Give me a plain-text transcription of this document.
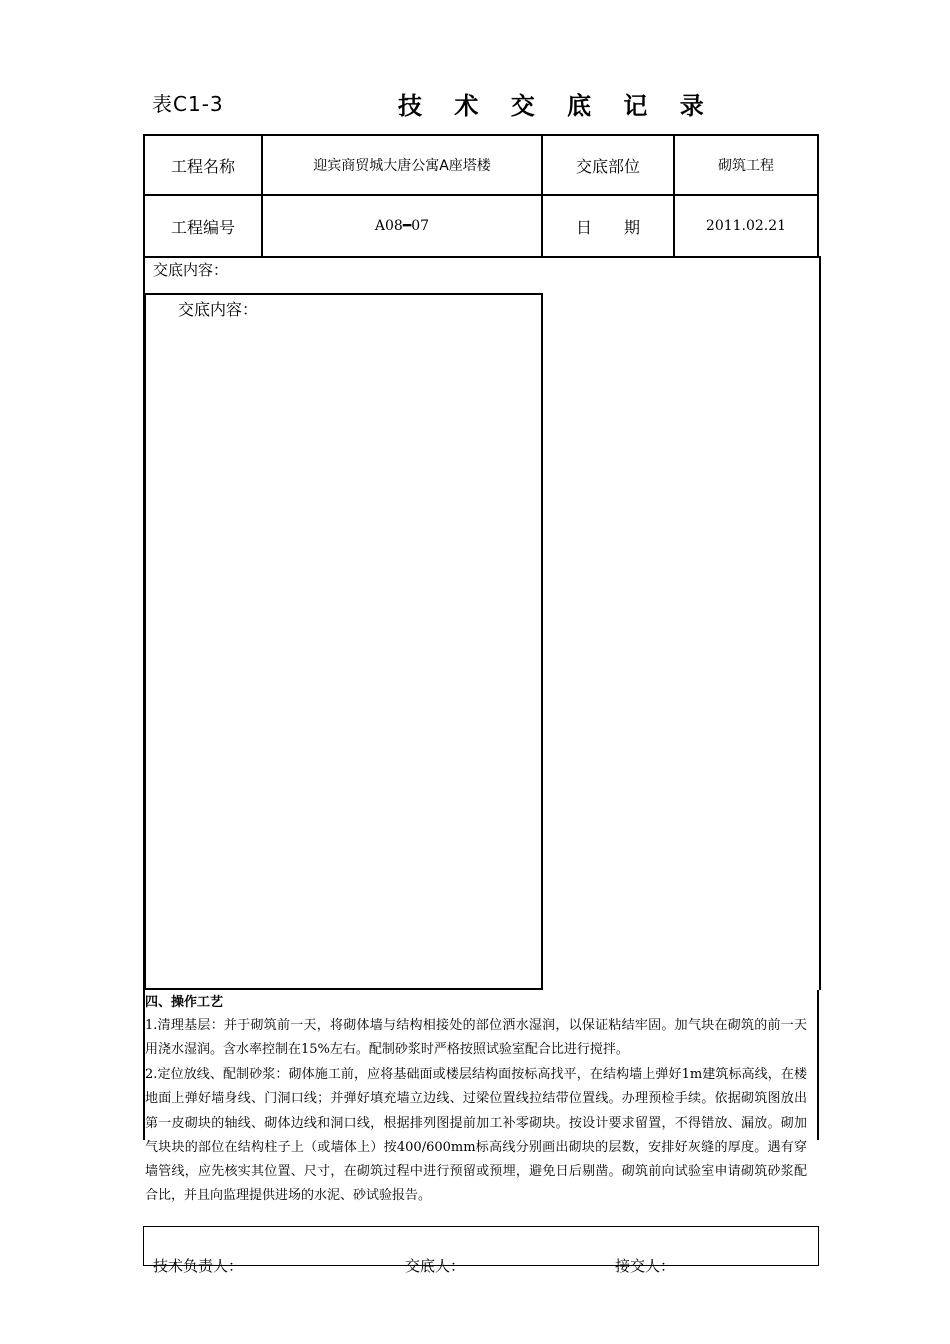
表C1-3	技 术 交 底 记 录
工程名称	迎宾商贸城大唐公寓A座塔楼	交底部位	砌筑工程
工程编号	A08━07	日　　期	2011.02.21
交底内容：
交底内容：
四、操作工艺
1.清理基层：并于砌筑前一天，将砌体墙与结构相接处的部位洒水湿润，以保证粘结牢固。加气块在砌筑的前一天用浇水湿润。含水率控制在15%左右。配制砂浆时严格按照试验室配合比进行搅拌。
2.定位放线、配制砂浆：砌体施工前，应将基础面或楼层结构面按标高找平，在结构墙上弹好1m建筑标高线，在楼地面上弹好墙身线、门洞口线；并弹好填充墙立边线、过梁位置线拉结带位置线。办理预检手续。依据砌筑图放出第一皮砌块的轴线、砌体边线和洞口线，根据排列图提前加工补零砌块。按设计要求留置，不得错放、漏放。砌加气块块的部位在结构柱子上（或墙体上）按400/600mm标高线分别画出砌块的层数，安排好灰缝的厚度。遇有穿墙管线，应先核实其位置、尺寸，在砌筑过程中进行预留或预埋，避免日后剔凿。砌筑前向试验室申请砌筑砂浆配合比，并且向监理提供进场的水泥、砂试验报告。
技术负责人：	交底人：	接交人：
